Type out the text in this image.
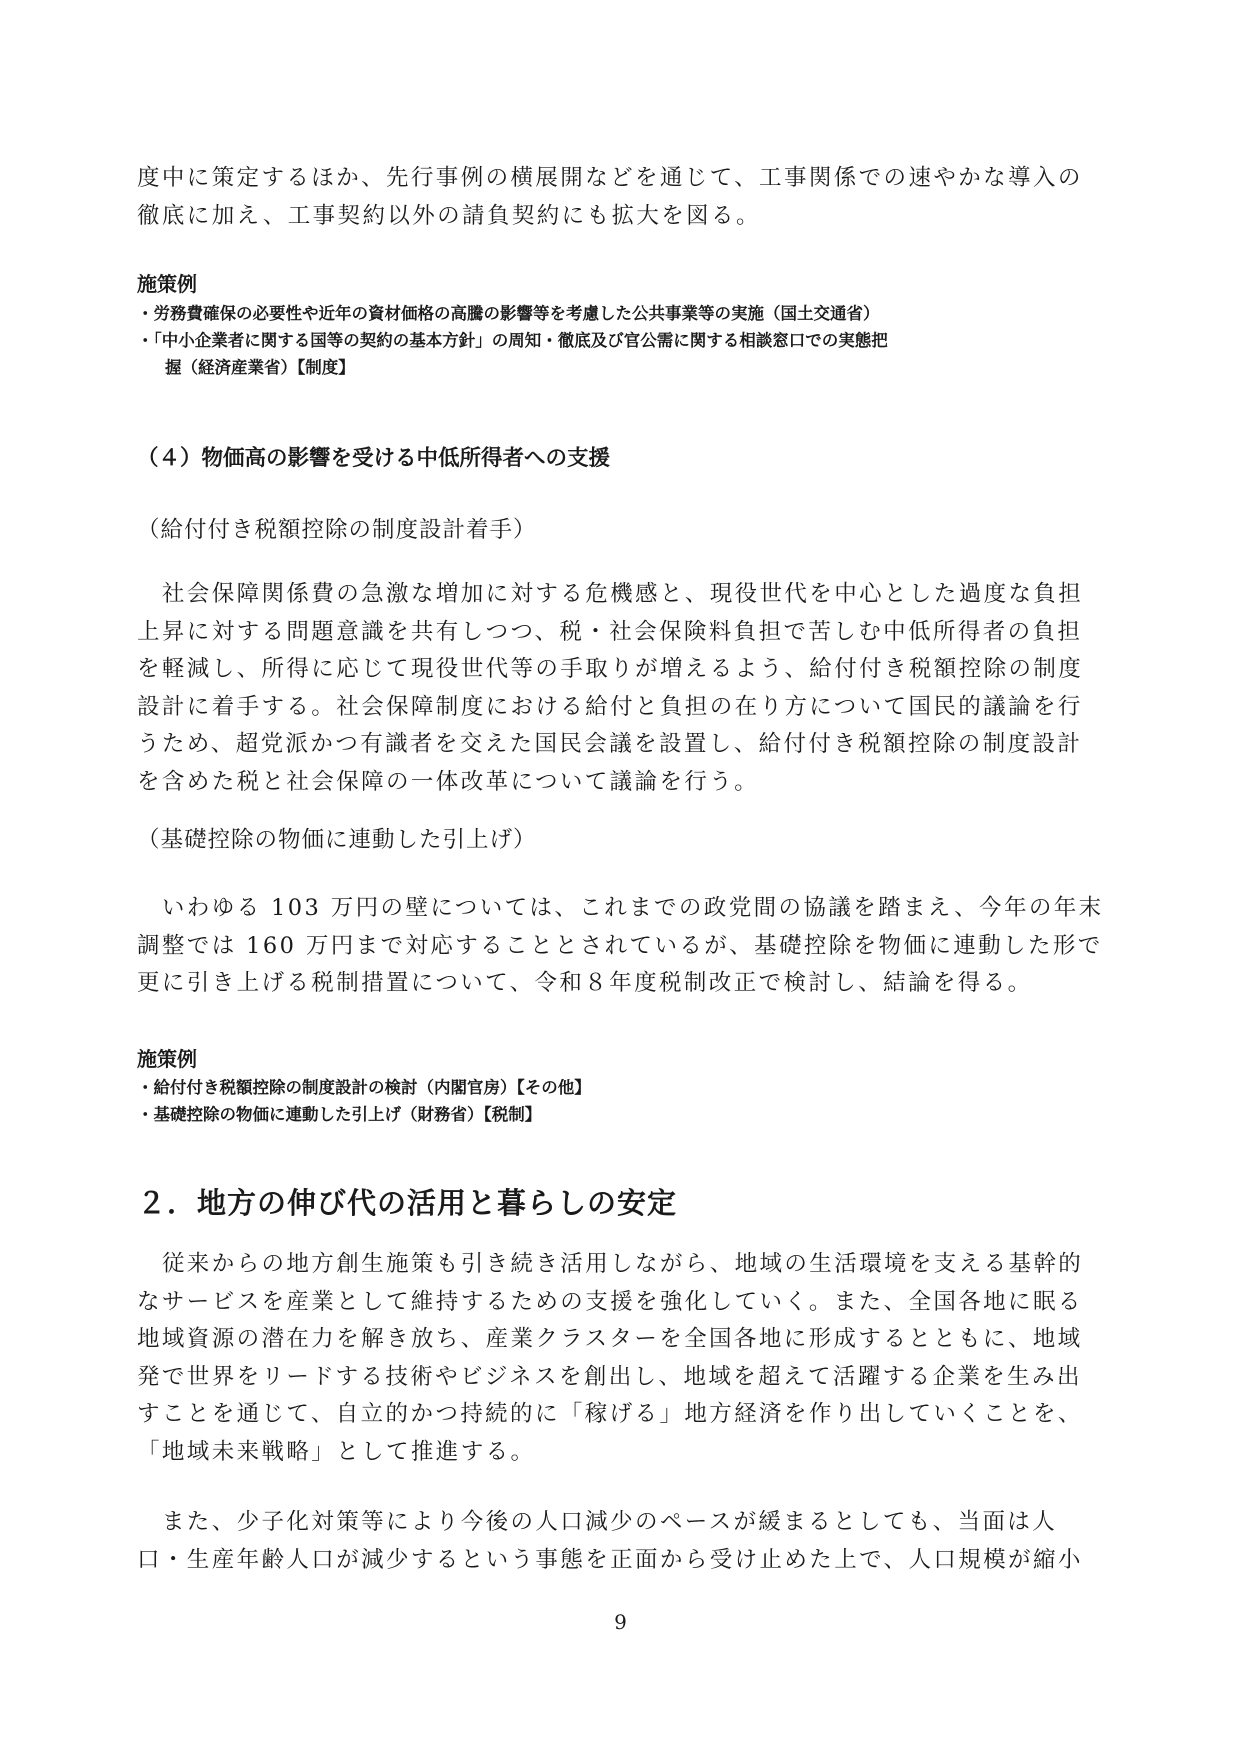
度中に策定するほか、先行事例の横展開などを通じて、工事関係での速やかな導入の
徹底に加え、工事契約以外の請負契約にも拡大を図る。

施策例

・労務費確保の必要性や近年の資材価格の高騰の影響等を考慮した公共事業等の実施（国土交通省）
・「中小企業者に関する国等の契約の基本方針」の周知・徹底及び官公需に関する相談窓口での実態把
握（経済産業省）【制度】

（４）物価高の影響を受ける中低所得者への支援

（給付付き税額控除の制度設計着手）

　社会保障関係費の急激な増加に対する危機感と、現役世代を中心とした過度な負担
上昇に対する問題意識を共有しつつ、税・社会保険料負担で苦しむ中低所得者の負担
を軽減し、所得に応じて現役世代等の手取りが増えるよう、給付付き税額控除の制度
設計に着手する。社会保障制度における給付と負担の在り方について国民的議論を行
うため、超党派かつ有識者を交えた国民会議を設置し、給付付き税額控除の制度設計
を含めた税と社会保障の一体改革について議論を行う。

（基礎控除の物価に連動した引上げ）

　いわゆる 103 万円の壁については、これまでの政党間の協議を踏まえ、今年の年末
調整では 160 万円まで対応することとされているが、基礎控除を物価に連動した形で
更に引き上げる税制措置について、令和８年度税制改正で検討し、結論を得る。

施策例

・給付付き税額控除の制度設計の検討（内閣官房）【その他】
・基礎控除の物価に連動した引上げ（財務省）【税制】

２．地方の伸び代の活用と暮らしの安定

　従来からの地方創生施策も引き続き活用しながら、地域の生活環境を支える基幹的
なサービスを産業として維持するための支援を強化していく。また、全国各地に眠る
地域資源の潜在力を解き放ち、産業クラスターを全国各地に形成するとともに、地域
発で世界をリードする技術やビジネスを創出し、地域を超えて活躍する企業を生み出
すことを通じて、自立的かつ持続的に「稼げる」地方経済を作り出していくことを、
「地域未来戦略」として推進する。

　また、少子化対策等により今後の人口減少のペースが緩まるとしても、当面は人
口・生産年齢人口が減少するという事態を正面から受け止めた上で、人口規模が縮小

9
